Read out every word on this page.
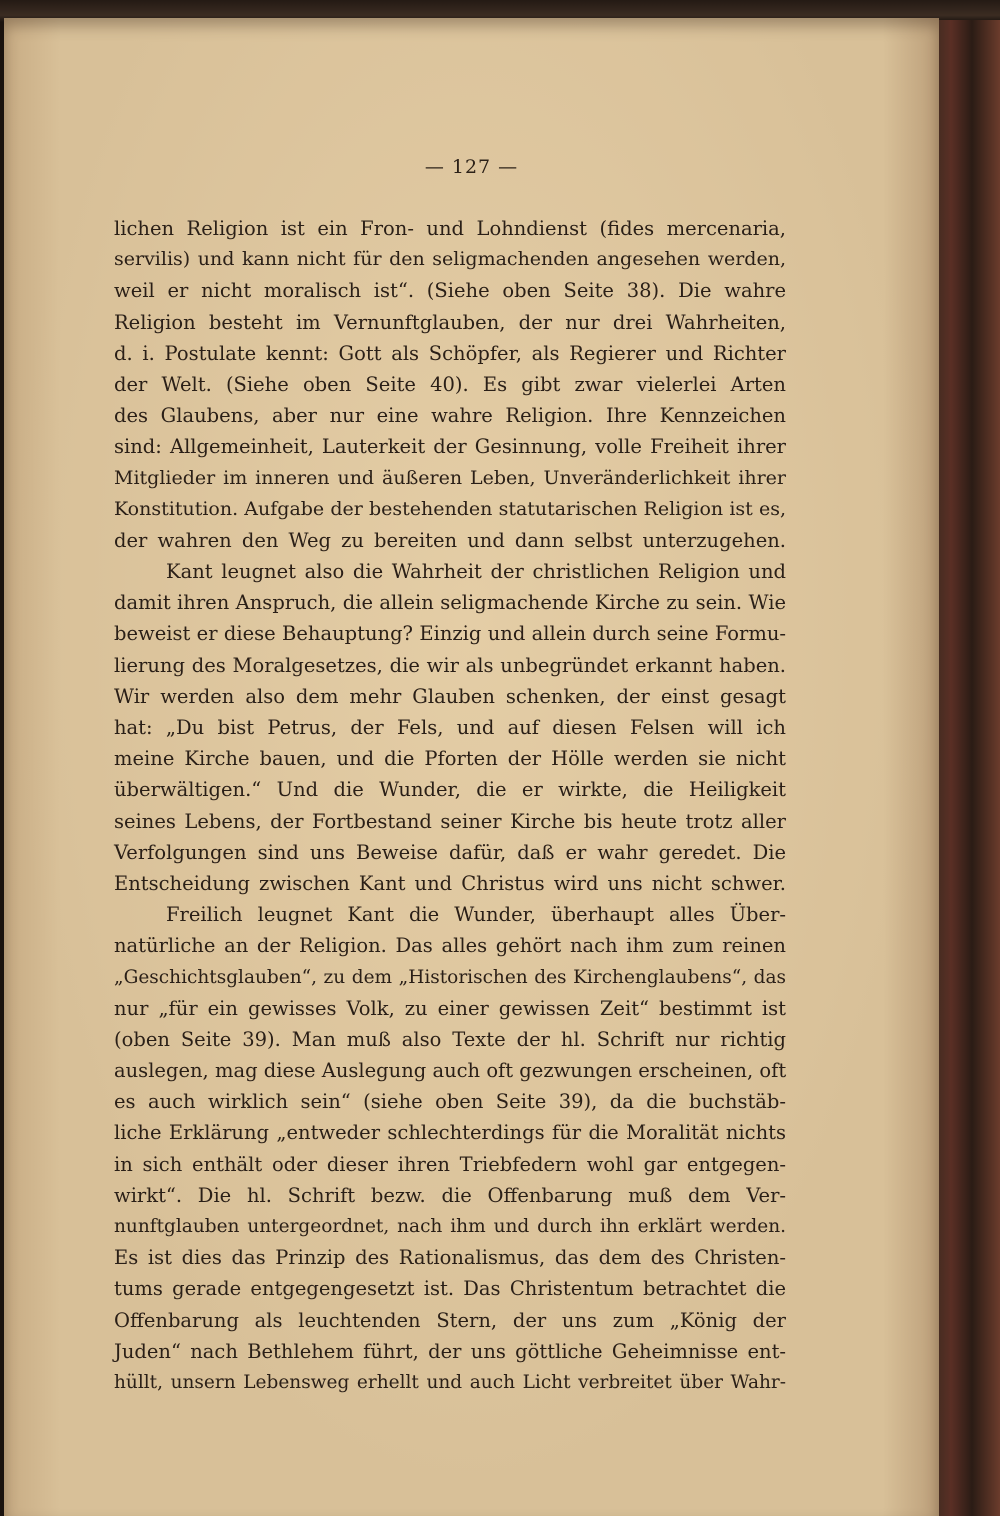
— 127 —
lichen Religion ist ein Fron- und Lohndienst (fides mercenaria,
servilis) und kann nicht für den seligmachenden angesehen werden,
weil er nicht moralisch ist“. (Siehe oben Seite 38). Die wahre
Religion besteht im Vernunftglauben, der nur drei Wahrheiten,
d. i. Postulate kennt: Gott als Schöpfer, als Regierer und Richter
der Welt. (Siehe oben Seite 40). Es gibt zwar vielerlei Arten
des Glaubens, aber nur eine wahre Religion. Ihre Kennzeichen
sind: Allgemeinheit, Lauterkeit der Gesinnung, volle Freiheit ihrer
Mitglieder im inneren und äußeren Leben, Unveränderlichkeit ihrer
Konstitution. Aufgabe der bestehenden statutarischen Religion ist es,
der wahren den Weg zu bereiten und dann selbst unterzugehen.
Kant leugnet also die Wahrheit der christlichen Religion und
damit ihren Anspruch, die allein seligmachende Kirche zu sein. Wie
beweist er diese Behauptung? Einzig und allein durch seine Formu-
lierung des Moralgesetzes, die wir als unbegründet erkannt haben.
Wir werden also dem mehr Glauben schenken, der einst gesagt
hat: „Du bist Petrus, der Fels, und auf diesen Felsen will ich
meine Kirche bauen, und die Pforten der Hölle werden sie nicht
überwältigen.“ Und die Wunder, die er wirkte, die Heiligkeit
seines Lebens, der Fortbestand seiner Kirche bis heute trotz aller
Verfolgungen sind uns Beweise dafür, daß er wahr geredet. Die
Entscheidung zwischen Kant und Christus wird uns nicht schwer.
Freilich leugnet Kant die Wunder, überhaupt alles Über-
natürliche an der Religion. Das alles gehört nach ihm zum reinen
„Geschichtsglauben“, zu dem „Historischen des Kirchenglaubens“, das
nur „für ein gewisses Volk, zu einer gewissen Zeit“ bestimmt ist
(oben Seite 39). Man muß also Texte der hl. Schrift nur richtig
auslegen, mag diese Auslegung auch oft gezwungen erscheinen, oft
es auch wirklich sein“ (siehe oben Seite 39), da die buchstäb-
liche Erklärung „entweder schlechterdings für die Moralität nichts
in sich enthält oder dieser ihren Triebfedern wohl gar entgegen-
wirkt“. Die hl. Schrift bezw. die Offenbarung muß dem Ver-
nunftglauben untergeordnet, nach ihm und durch ihn erklärt werden.
Es ist dies das Prinzip des Rationalismus, das dem des Christen-
tums gerade entgegengesetzt ist. Das Christentum betrachtet die
Offenbarung als leuchtenden Stern, der uns zum „König der
Juden“ nach Bethlehem führt, der uns göttliche Geheimnisse ent-
hüllt, unsern Lebensweg erhellt und auch Licht verbreitet über Wahr-
